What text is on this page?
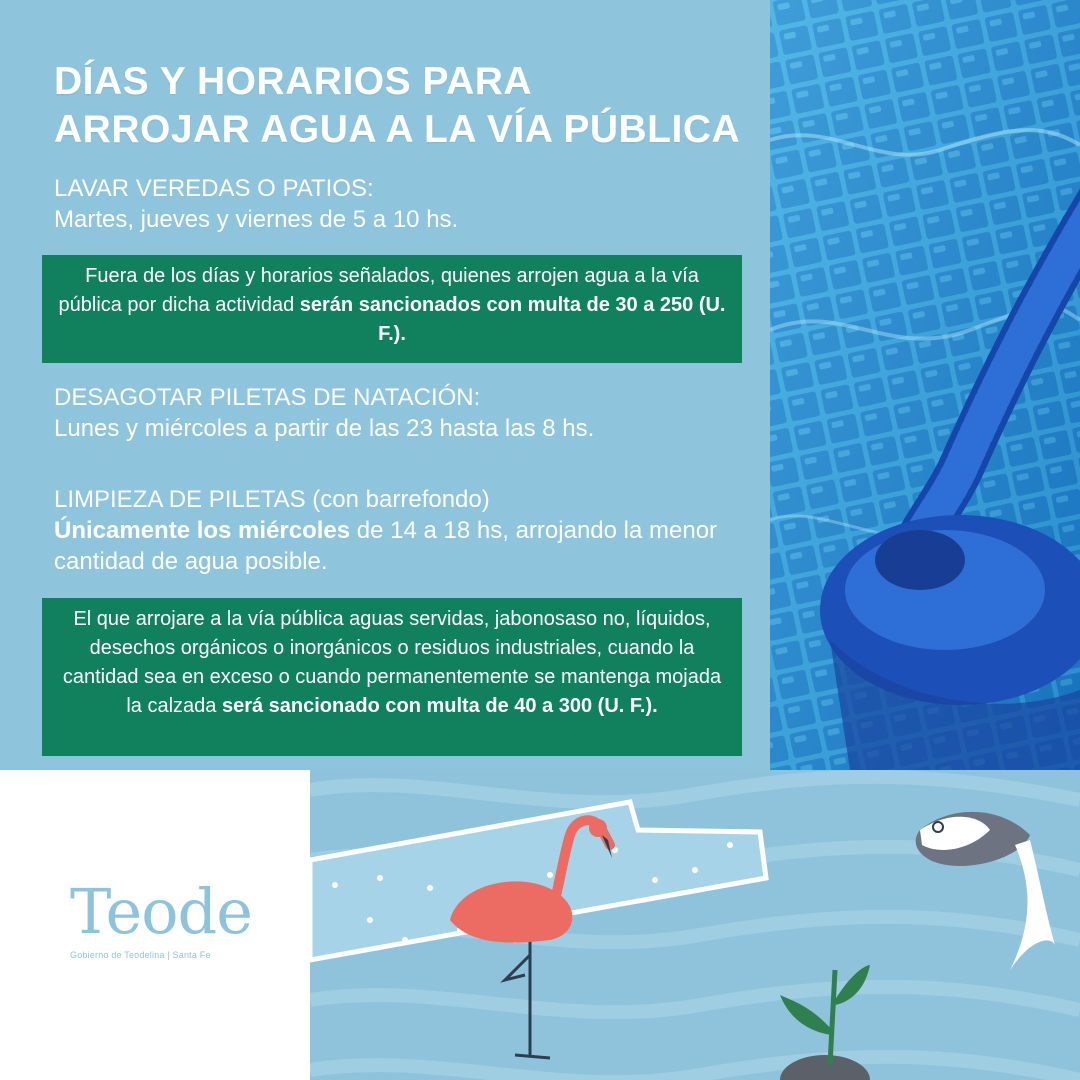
DÍAS Y HORARIOS PARA
ARROJAR AGUA A LA VÍA PÚBLICA

LAVAR VEREDAS O PATIOS:
Martes, jueves y viernes de 5 a 10 hs.

Fuera de los días y horarios señalados, quienes arrojen agua a la vía pública por dicha actividad serán sancionados con multa de 30 a 250 (U. F.).

DESAGOTAR PILETAS DE NATACIÓN:
Lunes y miércoles a partir de las 23 hasta las 8 hs.

LIMPIEZA DE PILETAS (con barrefondo)
Únicamente los miércoles de 14 a 18 hs, arrojando la menor cantidad de agua posible.

El que arrojare a la vía pública aguas servidas, jabonosaso no, líquidos, desechos orgánicos o inorgánicos o residuos industriales, cuando la cantidad sea en exceso o cuando permanentemente se mantenga mojada la calzada será sancionado con multa de 40 a 300 (U. F.).
Teode
Gobierno de Teodelina | Santa Fe
